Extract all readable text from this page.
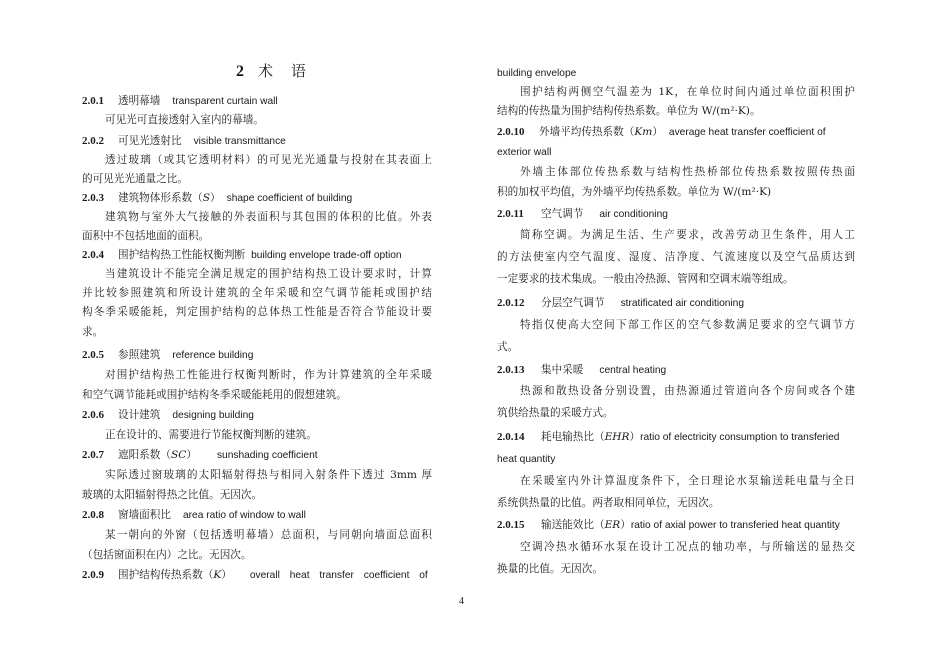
2 术 语
2.0.1 透明幕墙 transparent curtain wall
可见光可直接透射入室内的幕墙。
2.0.2 可见光透射比 visible transmittance
透过玻璃（或其它透明材料）的可见光光通量与投射在其表面上
的可见光光通量之比。
2.0.3 建筑物体形系数（S） shape coefficient of building
建筑物与室外大气接触的外表面积与其包围的体积的比值。外表
面积中不包括地面的面积。
2.0.4 围护结构热工性能权衡判断 building envelope trade-off option
当建筑设计不能完全满足规定的围护结构热工设计要求时，计算
并比较参照建筑和所设计建筑的全年采暖和空气调节能耗或围护结
构冬季采暖能耗，判定围护结构的总体热工性能是否符合节能设计要
求。
2.0.5 参照建筑 reference building
对围护结构热工性能进行权衡判断时，作为计算建筑的全年采暖
和空气调节能耗或围护结构冬季采暖能耗用的假想建筑。
2.0.6 设计建筑 designing building
正在设计的、需要进行节能权衡判断的建筑。
2.0.7 遮阳系数（SC） sunshading coefficient
实际透过窗玻璃的太阳辐射得热与相同入射条件下透过 3mm 厚
玻璃的太阳辐射得热之比值。无因次。
2.0.8 窗墙面积比 area ratio of window to wall
某一朝向的外窗（包括透明幕墙）总面积，与同朝向墙面总面积
（包括窗面积在内）之比。无因次。
2.0.9 围护结构传热系数（K） overall heat transfer coefficient of
building envelope
围护结构两侧空气温差为 1K，在单位时间内通过单位面积围护
结构的传热量为围护结构传热系数。单位为 W/(m²·K)。
2.0.10 外墙平均传热系数（Km） average heat transfer coefficient of
exterior wall
外墙主体部位传热系数与结构性热桥部位传热系数按照传热面
积的加权平均值，为外墙平均传热系数。单位为 W/(m²·K)
2.0.11 空气调节 air conditioning
简称空调。为满足生活、生产要求，改善劳动卫生条件，用人工
的方法使室内空气温度、湿度、洁净度、气流速度以及空气品质达到
一定要求的技术集成。一般由冷热源、管网和空调末端等组成。
2.0.12 分层空气调节 stratificated air conditioning
特指仅使高大空间下部工作区的空气参数满足要求的空气调节方
式。
2.0.13 集中采暖 central heating
热源和散热设备分别设置，由热源通过管道向各个房间或各个建
筑供给热量的采暖方式。
2.0.14 耗电输热比（EHR）ratio of electricity consumption to transferied
heat quantity
在采暖室内外计算温度条件下，全日理论水泵输送耗电量与全日
系统供热量的比值。两者取相同单位，无因次。
2.0.15 输送能效比（ER）ratio of axial power to transferied heat quantity
空调冷热水循环水泵在设计工况点的轴功率，与所输送的显热交
换量的比值。无因次。
4
